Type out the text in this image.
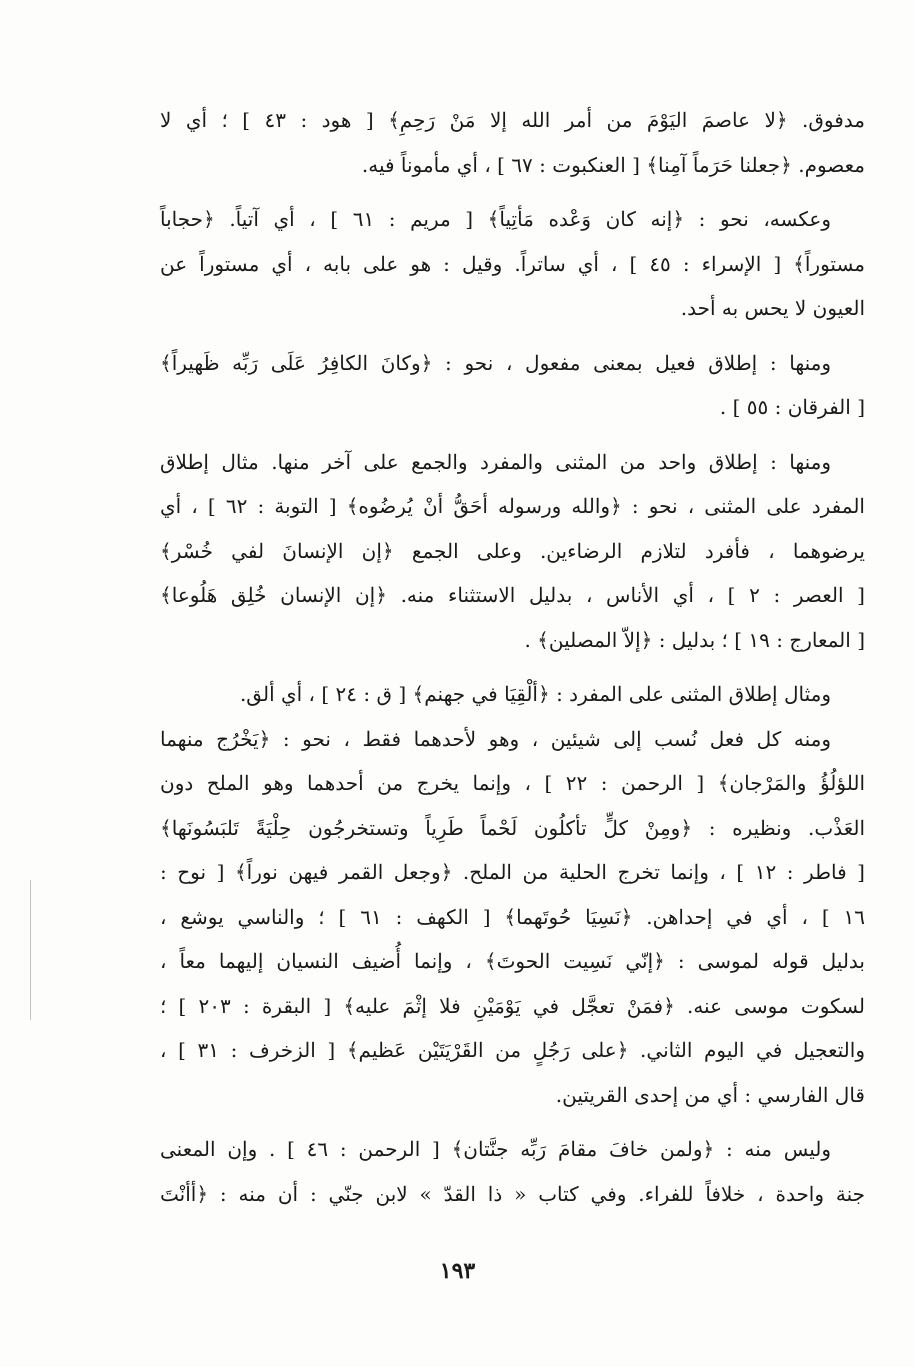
مدفوق. ﴿لا عاصمَ اليَوْمَ من أمر الله إلا مَنْ رَحِمِ﴾ [ هود : ٤٣ ] ؛ أي لا
معصوم. ﴿جعلنا حَرَماً آمِنا﴾ [ العنكبوت : ٦٧ ] ، أي مأموناً فيه.
وعكسه، نحو : ﴿إنه كان وَعْده مَأتِياً﴾ [ مريم : ٦١ ] ، أي آتياً. ﴿حجاباً
مستوراً﴾ [ الإسراء : ٤٥ ] ، أي ساتراً. وقيل : هو على بابه ، أي مستوراً عن
العيون لا يحس به أحد.
ومنها : إطلاق فعيل بمعنى مفعول ، نحو : ﴿وكانَ الكافِرُ عَلَى رَبِّه ظَهيراً﴾
[ الفرقان : ٥٥ ] .
ومنها : إطلاق واحد من المثنى والمفرد والجمع على آخر منها. مثال إطلاق
المفرد على المثنى ، نحو : ﴿والله ورسوله أحَقُّ أنْ يُرضُوه﴾ [ التوبة : ٦٢ ] ، أي
يرضوهما ، فأفرد لتلازم الرضاءين. وعلى الجمع ﴿إن الإنسانَ لفي خُسْر﴾
[ العصر : ٢ ] ، أي الأناس ، بدليل الاستثناء منه. ﴿إن الإنسان خُلِق هَلُوعا﴾
[ المعارج : ١٩ ] ؛ بدليل : ﴿إلاّ المصلين﴾ .
ومثال إطلاق المثنى على المفرد : ﴿ألْقِيَا في جهنم﴾ [ ق : ٢٤ ] ، أي ألق.
ومنه كل فعل نُسب إلى شيئين ، وهو لأحدهما فقط ، نحو : ﴿يَخْرُج منهما
اللؤلُؤُ والمَرْجان﴾ [ الرحمن : ٢٢ ] ، وإنما يخرج من أحدهما وهو الملح دون
العَذْب. ونظيره : ﴿ومِنْ كلٍّ تأكلُون لَحْماً طَرِياً وتستخرجُون حِلْيَةً تَلبَسُونَها﴾
[ فاطر : ١٢ ] ، وإنما تخرج الحلية من الملح. ﴿وجعل القمر فيهن نوراً﴾ [ نوح :
١٦ ] ، أي في إحداهن. ﴿نَسِيَا حُوتَهما﴾ [ الكهف : ٦١ ] ؛ والناسي يوشع ،
بدليل قوله لموسى : ﴿إنّي نَسِيت الحوتَ﴾ ، وإنما أُضيف النسيان إليهما معاً ،
لسكوت موسى عنه. ﴿فمَنْ تعجَّل في يَوْمَيْنِ فلا إثْمَ عليه﴾ [ البقرة : ٢٠٣ ] ؛
والتعجيل في اليوم الثاني. ﴿على رَجُلٍ من القَرْيَتَيْن عَظيم﴾ [ الزخرف : ٣١ ] ،
قال الفارسي : أي من إحدى القريتين.
وليس منه : ﴿ولمن خافَ مقامَ رَبِّه جنَّتان﴾ [ الرحمن : ٤٦ ] . وإن المعنى
جنة واحدة ، خلافاً للفراء. وفي كتاب « ذا القدّ » لابن جنّي : أن منه : ﴿أأنْتَ
١٩٣
